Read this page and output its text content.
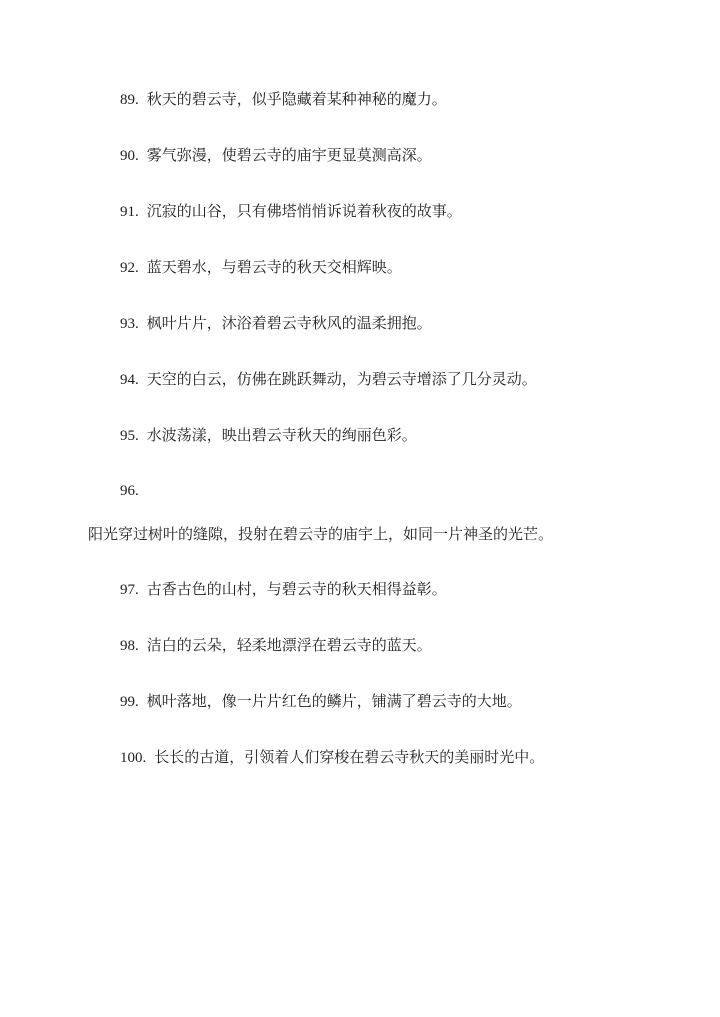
89. 秋天的碧云寺，似乎隐藏着某种神秘的魔力。
90. 雾气弥漫，使碧云寺的庙宇更显莫测高深。
91. 沉寂的山谷，只有佛塔悄悄诉说着秋夜的故事。
92. 蓝天碧水，与碧云寺的秋天交相辉映。
93. 枫叶片片，沐浴着碧云寺秋风的温柔拥抱。
94. 天空的白云，仿佛在跳跃舞动，为碧云寺增添了几分灵动。
95. 水波荡漾，映出碧云寺秋天的绚丽色彩。
96.
阳光穿过树叶的缝隙，投射在碧云寺的庙宇上，如同一片神圣的光芒。
97. 古香古色的山村，与碧云寺的秋天相得益彰。
98. 洁白的云朵，轻柔地漂浮在碧云寺的蓝天。
99. 枫叶落地，像一片片红色的鳞片，铺满了碧云寺的大地。
100. 长长的古道，引领着人们穿梭在碧云寺秋天的美丽时光中。
